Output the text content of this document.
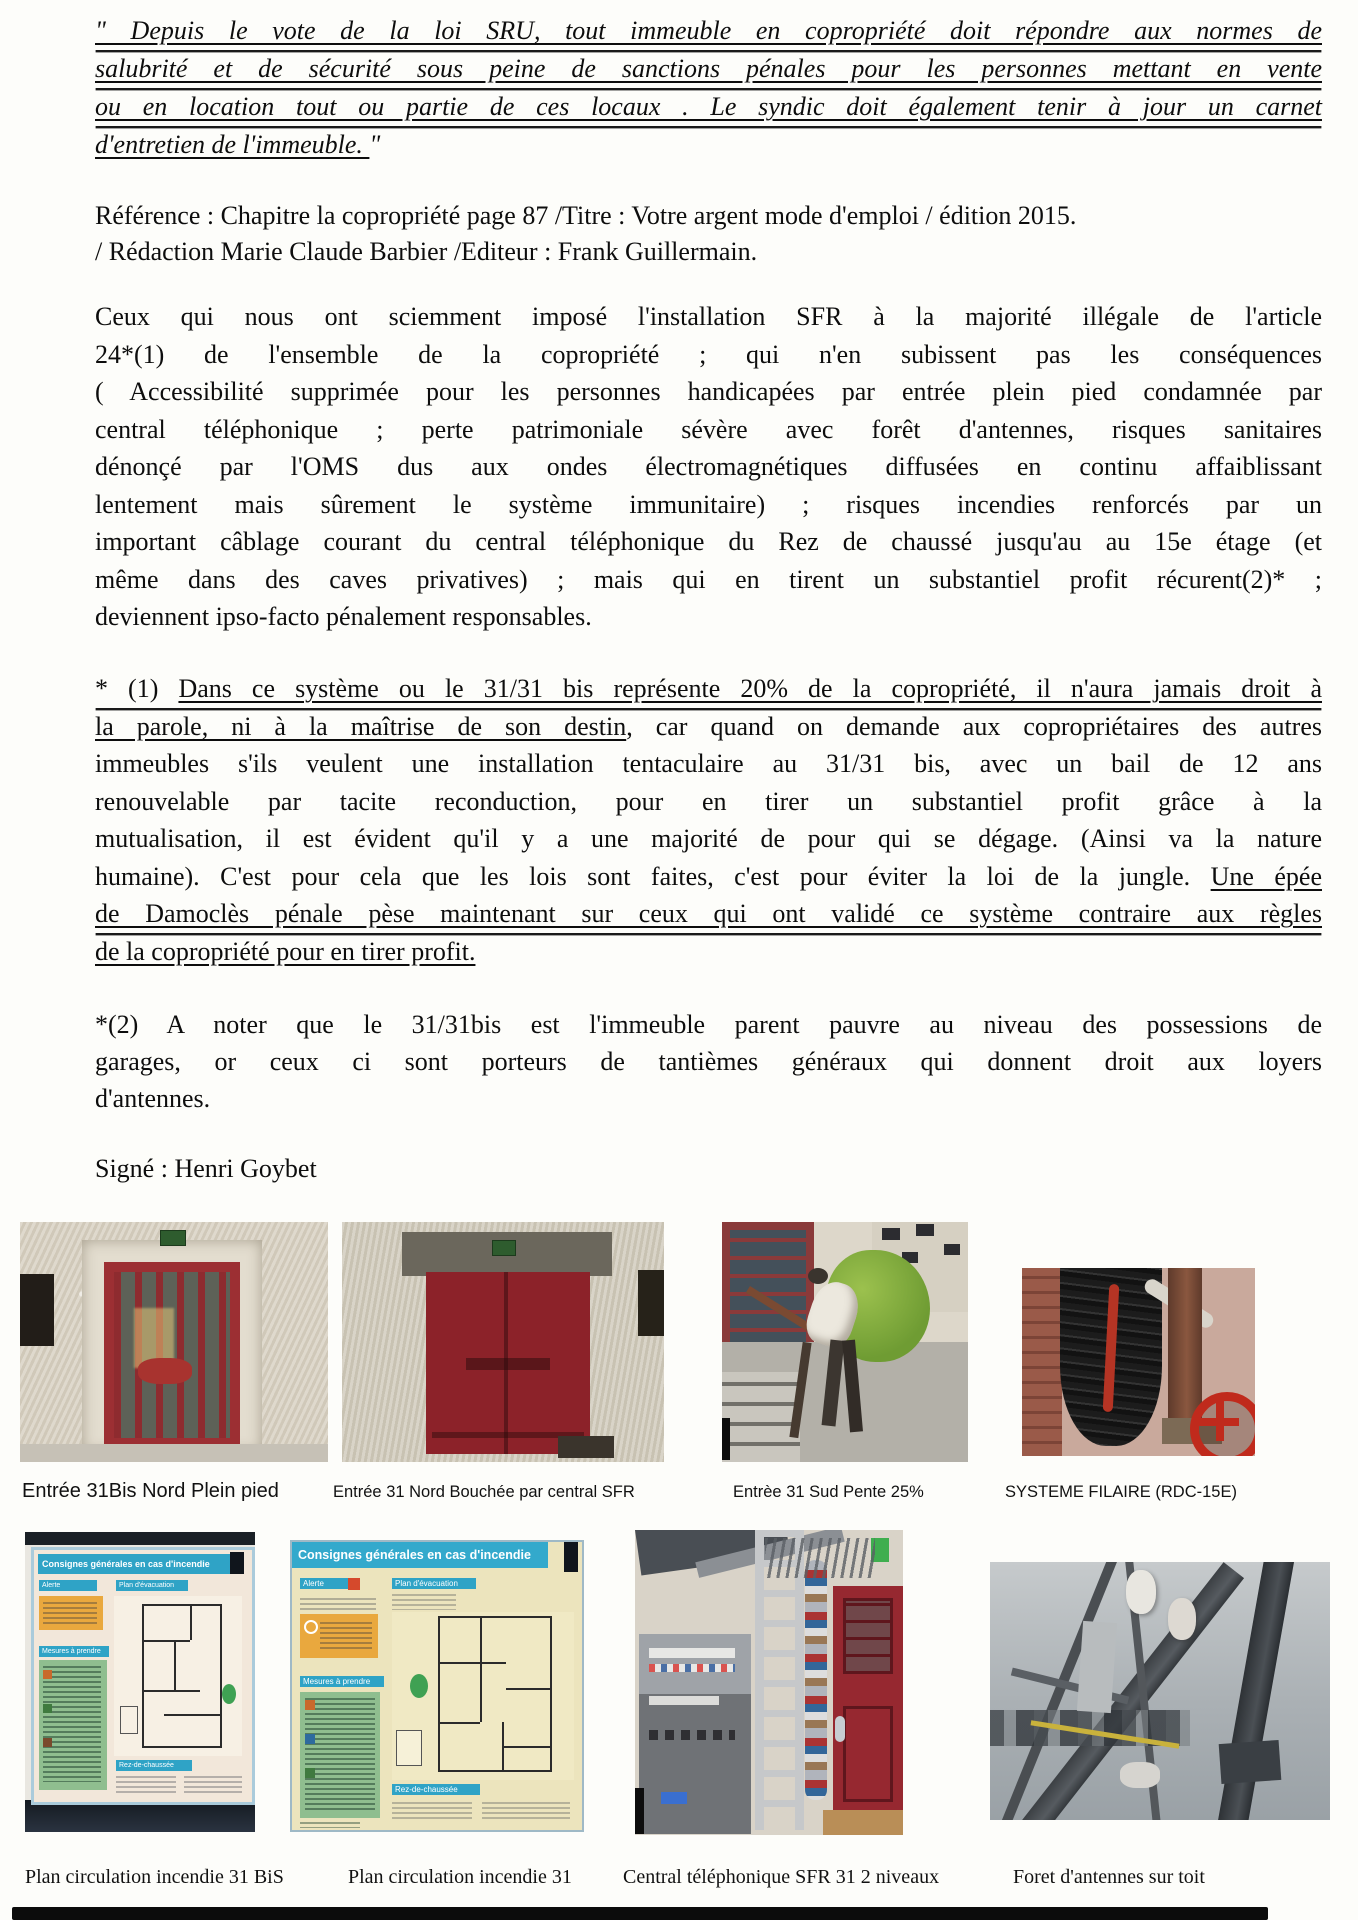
" Depuis le vote de la loi SRU, tout immeuble en copropriété doit répondre aux normes de
salubrité et de sécurité sous peine de sanctions pénales pour les personnes mettant en vente
ou en location tout ou partie de ces locaux . Le syndic doit également tenir à jour un carnet
d'entretien de l'immeuble. "
Référence : Chapitre la copropriété page 87 /Titre : Votre argent mode d'emploi / édition 2015.
/ Rédaction Marie Claude Barbier /Editeur : Frank Guillermain.
Ceux qui nous ont sciemment imposé l'installation SFR à la majorité illégale de l'article
24*(1) de l'ensemble de la copropriété ; qui n'en subissent pas les conséquences
( Accessibilité supprimée pour les personnes handicapées par entrée plein pied condamnée par
central téléphonique ; perte patrimoniale sévère avec forêt d'antennes, risques sanitaires
dénonçé par l'OMS dus aux ondes électromagnétiques diffusées en continu affaiblissant
lentement mais sûrement le système immunitaire) ; risques incendies renforcés par un
important câblage courant du central téléphonique du Rez de chaussé jusqu'au au 15e étage (et
même dans des caves privatives) ; mais qui en tirent un substantiel profit récurent(2)* ;
deviennent ipso-facto pénalement responsables.
* (1) Dans ce système ou le 31/31 bis représente 20% de la copropriété, il n'aura jamais droit à
la parole, ni à la maîtrise de son destin, car quand on demande aux copropriétaires des autres
immeubles s'ils veulent une installation tentaculaire au 31/31 bis, avec un bail de 12 ans
renouvelable par tacite reconduction, pour en tirer un substantiel profit grâce à la
mutualisation, il est évident qu'il y a une majorité de pour qui se dégage. (Ainsi va la nature
humaine). C'est pour cela que les lois sont faites, c'est pour éviter la loi de la jungle. Une épée
de Damoclès pénale pèse maintenant sur ceux qui ont validé ce système contraire aux règles
de la copropriété pour en tirer profit.
*(2) A noter que le 31/31bis est l'immeuble parent pauvre au niveau des possessions de
garages, or ceux ci sont porteurs de tantièmes généraux qui donnent droit aux loyers
d'antennes.
Signé : Henri Goybet
Entrée 31Bis Nord Plein pied	Entrée 31 Nord Bouchée par central SFR	Entrèe 31 Sud Pente 25%	SYSTEME FILAIRE (RDC-15E)
Consignes générales en cas d'incendie
Alerte
Mesures à prendre
Plan d'évacuation
Rez-de-chaussée
Consignes générales en cas d'incendie
Alerte
Mesures à prendre
Plan d'évacuation
Rez-de-chaussée
Plan circulation incendie 31 BiS	Plan circulation incendie 31	Central téléphonique SFR 31 2 niveaux	Foret d'antennes sur toit
